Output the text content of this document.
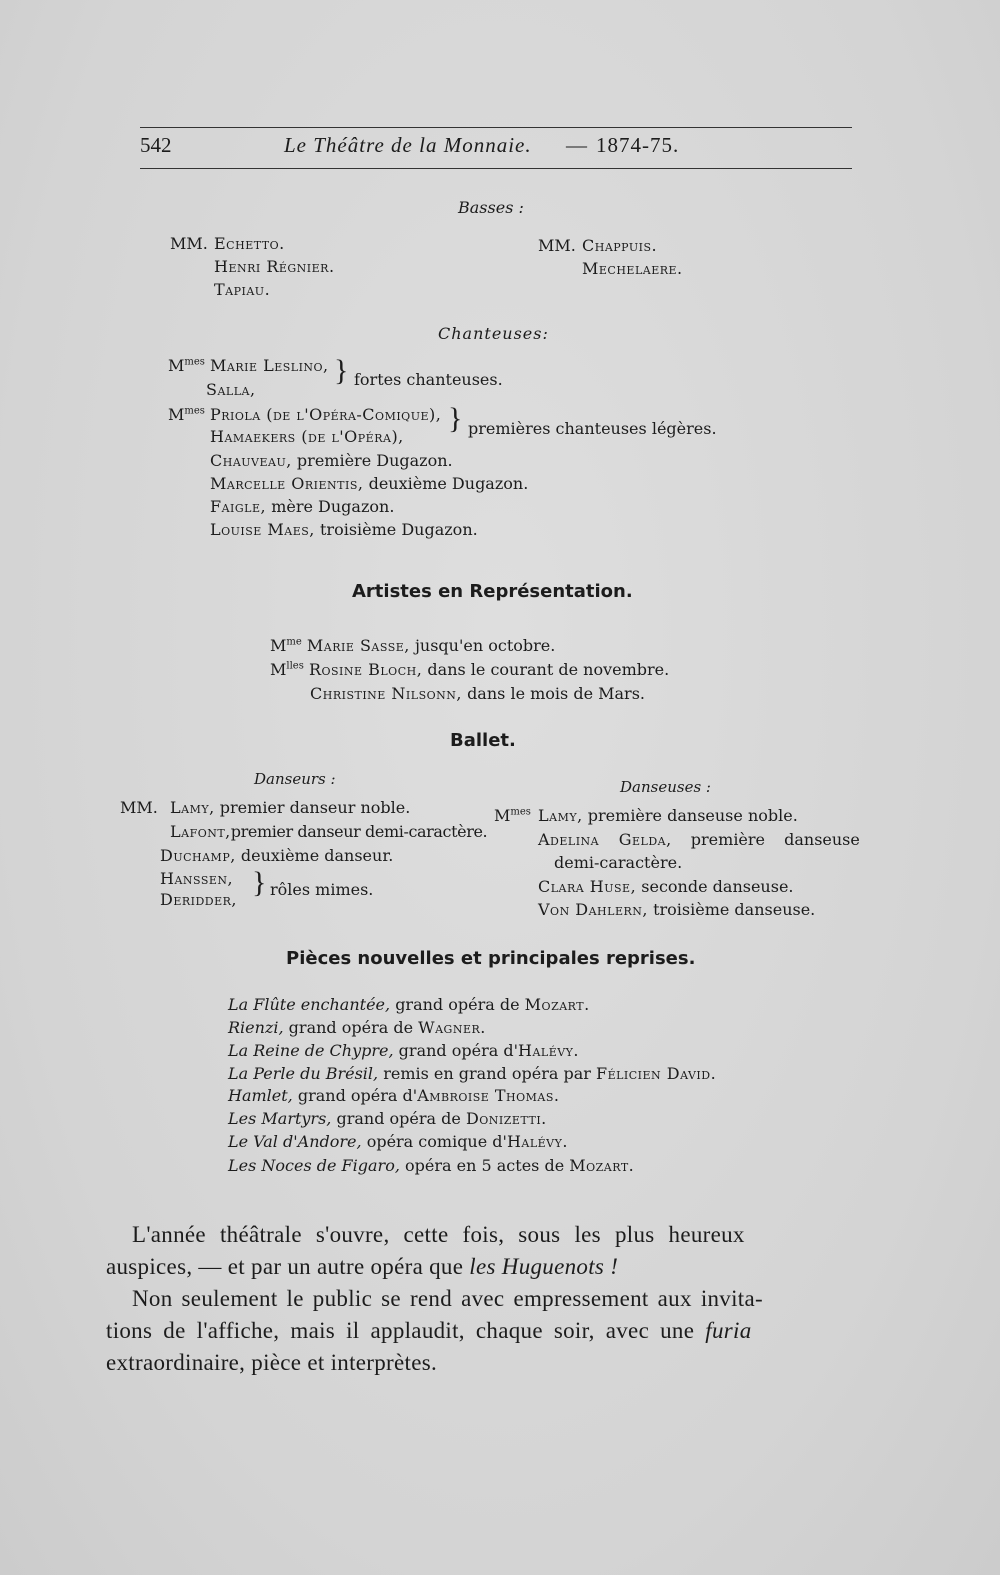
542	Le Théâtre de la Monnaie. — 1874-75.
Basses :
MM. Echetto.
Henri Régnier.
Tapiau.
MM. Chappuis.
Mechelaere.
Chanteuses:
$M^{mes}$ Marie Leslino,
Salla,
} fortes chanteuses.
$M^{mes}$ Priola (de l'Opéra-Comique),
Hamaekers (de l'Opéra),
} premières chanteuses légères.
Chauveau, première Dugazon.
Marcelle Orientis, deuxième Dugazon.
Faigle, mère Dugazon.
Louise Maes, troisième Dugazon.
Artistes en Représentation.
$M^{me}$ Marie Sasse, jusqu'en octobre.
$M^{lles}$ Rosine Bloch, dans le courant de novembre.
Christine Nilsonn, dans le mois de Mars.
Ballet.
Danseurs :	Danseuses :
MM. Lamy, premier danseur noble.
Lafont,premier danseur demi-caractère.
Duchamp, deuxième danseur.
Hanssen,
Deridder,
} rôles mimes.
$M^{mes}$ Lamy, première danseuse noble.
Adelina Gelda, première danseuse
demi-caractère.
Clara Huse, seconde danseuse.
Von Dahlern, troisième danseuse.
Pièces nouvelles et principales reprises.
La Flûte enchantée, grand opéra de Mozart.
Rienzi, grand opéra de Wagner.
La Reine de Chypre, grand opéra d'Halévy.
La Perle du Brésil, remis en grand opéra par Félicien David.
Hamlet, grand opéra d'Ambroise Thomas.
Les Martyrs, grand opéra de Donizetti.
Le Val d'Andore, opéra comique d'Halévy.
Les Noces de Figaro, opéra en 5 actes de Mozart.
L'année théâtrale s'ouvre, cette fois, sous les plus heureux
auspices, — et par un autre opéra que les Huguenots !
Non seulement le public se rend avec empressement aux invita-
tions de l'affiche, mais il applaudit, chaque soir, avec une furia
extraordinaire, pièce et interprètes.
